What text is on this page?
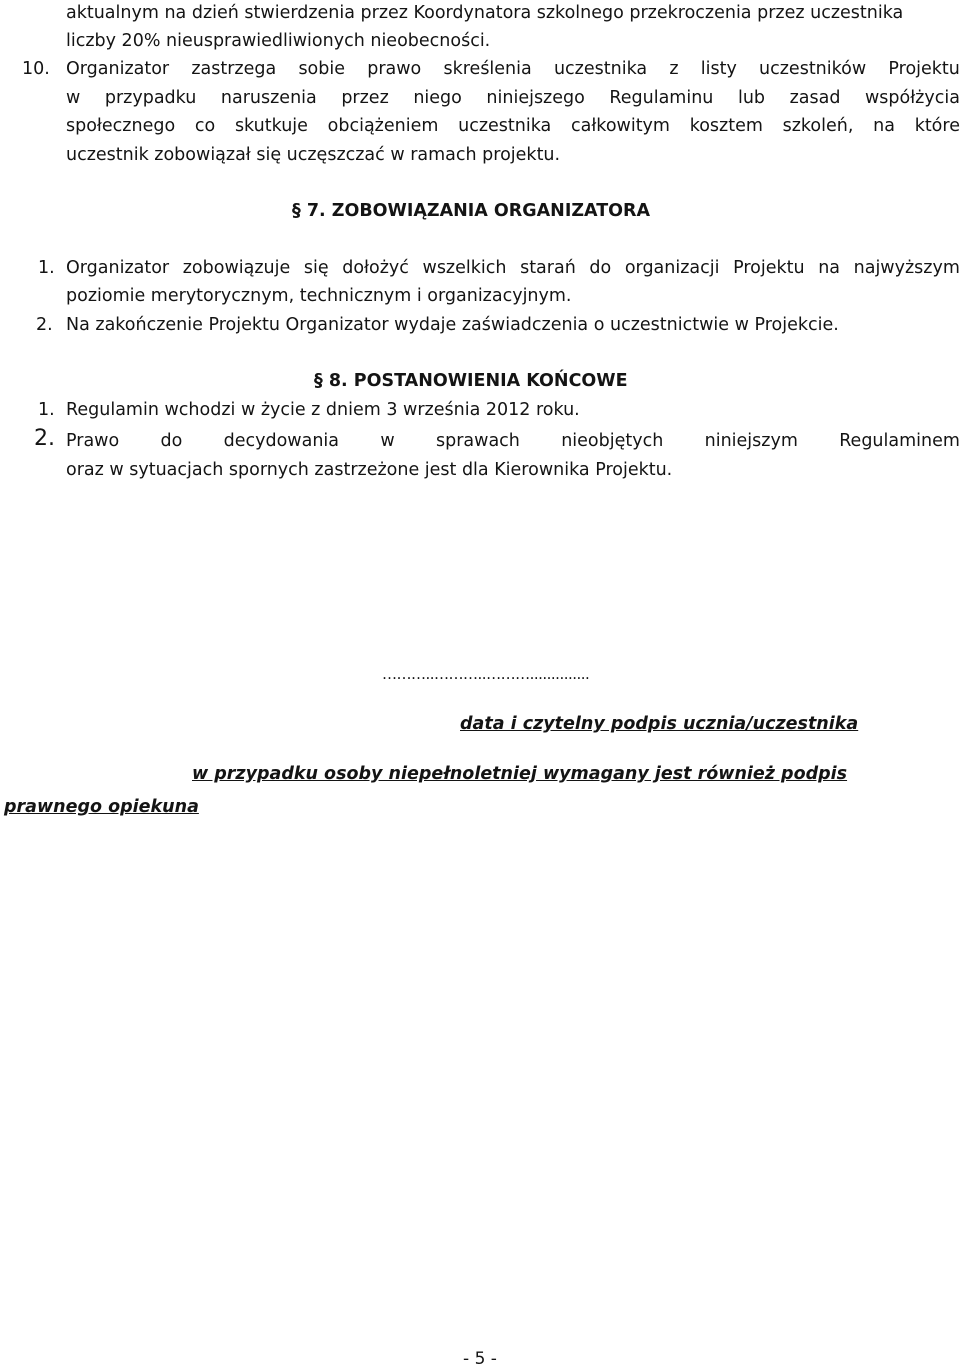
aktualnym na dzień stwierdzenia przez Koordynatora szkolnego przekroczenia przez uczestnika
liczby 20% nieusprawiedliwionych nieobecności.
10. Organizator zastrzega sobie prawo skreślenia uczestnika z listy uczestników Projektu
w przypadku naruszenia przez niego niniejszego Regulaminu lub zasad współżycia
społecznego co skutkuje obciążeniem uczestnika całkowitym kosztem szkoleń, na które
uczestnik zobowiązał się uczęszczać w ramach projektu.
§ 7. ZOBOWIĄZANIA ORGANIZATORA
1. Organizator zobowiązuje się dołożyć wszelkich starań do organizacji Projektu na najwyższym
poziomie merytorycznym, technicznym i organizacyjnym.
2. Na zakończenie Projektu Organizator wydaje zaświadczenia o uczestnictwie w Projekcie.
§ 8. POSTANOWIENIA KOŃCOWE
1. Regulamin wchodzi w życie z dniem 3 września 2012 roku.
2. Prawo do decydowania w sprawach nieobjętych niniejszym Regulaminem
oraz w sytuacjach spornych zastrzeżone jest dla Kierownika Projektu.
………..………..………..............
data i czytelny podpis ucznia/uczestnika
w przypadku osoby niepełnoletniej wymagany jest również podpis
prawnego opiekuna
- 5 -
